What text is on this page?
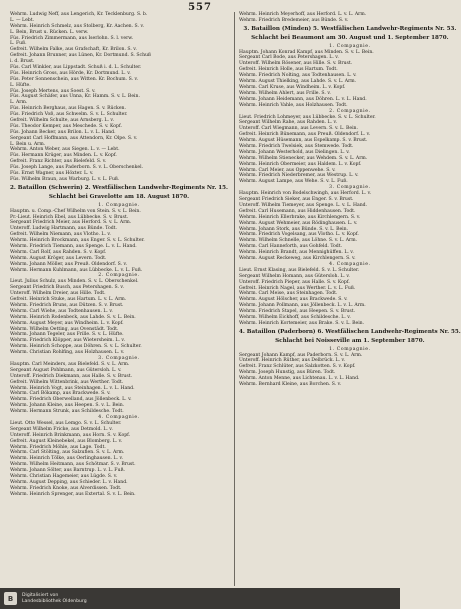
557
Wehrm. Ludwig Neff, aus Lengerich, Kr. Tecklenburg. S. b.
L. — Lebt.
Wehrm. Heinrich Schmelz, aus Stolberg, Kr. Aachen. S. v.
L. Bein, Brust u. Rücken. L. verw.
Füs. Friedrich Zimmermann, aus Iserlohn. S. l. verw.
L. Fuß.
Gefreit. Wilhelm Falke, aus Grafschaft, Kr. Brilon. S. v.
Gefreit. Johann Brunner, aus Lünen, Kr. Dortmund. S. Schuß
i. d. Brust.
Füs. Carl Winkler, aus Lippstadt. Schuß i. d. L. Schulter.
Füs. Heinrich Gross, aus Hörde, Kr. Dortmund. L. v.
Füs. Peter Sonnenschein, aus Witten. Kr. Bochum. S. v.
L. Hüfte.
Füs. Joseph Mertens, aus Soest. S. v.
Füs. August Schäfer, aus Unna, Kr. Hamm. S. v. L. Bein.
L. Arm.
Füs. Heinrich Berghaus, aus Hagen. S. v. Rücken.
Füs. Friedrich Voß, aus Schwelm. S. v. L. Schulter.
Gefreit. Wilhelm Schulte, aus Arnsberg. L. v.
Füs. Theodor Kemper, aus Meschede. S. v. Kopf.
Füs. Johann Becker, aus Brilon. L. v. L. Hand.
Sergeant Carl Hoffmann, aus Attendorn, Kr. Olpe. S. v.
L. Bein u. Arm.
Wehrm. Anton Weber, aus Siegen. L. v. — Lebt.
Füs. Hermann Krüger, aus Minden. L. v. Kopf.
Gefreit. Franz Richter, aus Bielefeld. S. v.
Füs. Joseph Lange, aus Paderborn. S. v. L. Oberschenkel.
Füs. Ernst Wagner, aus Höxter. L. v.
Füs. Wilhelm Braun, aus Warburg. L. v. L. Fuß.
2. Bataillon (Schwerin) 2. Westfälischen Landwehr-Regiments Nr. 15.
Schlacht bei Gravelotte am 18. August 1870.
1. Compagnie.
Hauptm. u. Comp.-Chef Wilhelm von Stein. S. v. L. Bein.
Pr.-Lieut. Heinrich Ebel, aus Lübbecke. S. v. Brust.
Sergeant Friedrich Meier, aus Herford. S. v. L. Arm.
Unteroff. Ludwig Hartmann, aus Bünde. Todt.
Gefreit. Wilhelm Niemann, aus Vlotho. L. v.
Wehrm. Heinrich Brockmann, aus Enger. S. v. L. Schulter.
Wehrm. Friedrich Tiemann, aus Spenge. L. v. L. Hand.
Wehrm. Carl Rolf, aus Rahden. S. v. Kopf.
Wehrm. August Kröger, aus Levern. Todt.
Wehrm. Johann Möller, aus Preuß. Oldendorf. S. v.
Wehrm. Hermann Kuhlmann, aus Lübbecke. L. v. L. Fuß.
2. Compagnie.
Lieut. Julius Schulz, aus Minden. S. v. L. Oberschenkel.
Sergeant Friedrich Busch, aus Petershagen. S. v.
Unteroff. Wilhelm Dreier, aus Hille. Todt.
Gefreit. Heinrich Stuke, aus Hartum. L. v. L. Arm.
Wehrm. Friedrich Bruns, aus Dützen. S. v. Brust.
Wehrm. Carl Wiehe, aus Todtenhausen. L. v.
Wehrm. Heinrich Rodenbeck, aus Lahde. S. v. L. Bein.
Wehrm. August Meyer, aus Windheim. L. v. Kopf.
Wehrm. Wilhelm Oetting, aus Ovenstädt. Todt.
Wehrm. Johann Tegeler, aus Frille. S. v. L. Hüfte.
Wehrm. Friedrich Klöpper, aus Wietersheim. L. v.
Wehrm. Heinrich Schoppe, aus Döhren. S. v. L. Schulter.
Wehrm. Christian Rohlfing, aus Holzhausen. L. v.
3. Compagnie.
Hauptm. Carl Meinders, aus Bielefeld. S. v. L. Arm.
Sergeant August Pohlmann, aus Gütersloh. L. v.
Unteroff. Friedrich Diekmann, aus Halle. S. v. Brust.
Gefreit. Wilhelm Wittenbrink, aus Werther. Todt.
Wehrm. Heinrich Vogt, aus Steinhagen. L. v. L. Hand.
Wehrm. Carl Bökamp, aus Brackwede. S. v.
Wehrm. Friedrich Oberwelland, aus Jöllenbeck. L. v.
Wehrm. Johann Kleine, aus Heepen. S. v. L. Bein.
Wehrm. Hermann Strunk, aus Schildesche. Todt.
4. Compagnie.
Lieut. Otto Wessel, aus Lemgo. S. v. L. Schulter.
Sergeant Wilhelm Fricke, aus Detmold. L. v.
Unteroff. Heinrich Brinkmann, aus Horn. S. v. Kopf.
Gefreit. August Kleinebekel, aus Blomberg. L. v.
Wehrm. Friedrich Möhle, aus Lage. Todt.
Wehrm. Carl Stölting, aus Salzuflen. S. v. L. Arm.
Wehrm. Heinrich Tölke, aus Oerlinghausen. L. v.
Wehrm. Wilhelm Heitmann, aus Schötmar. S. v. Brust.
Wehrm. Johann Sölter, aus Barntrup. L. v. L. Fuß.
Wehrm. Christian Hagemeier, aus Lügde. S. v.
Wehrm. August Depping, aus Schieder. L. v. Hand.
Wehrm. Friedrich Knoke, aus Alverdissen. Todt.
Wehrm. Heinrich Sprenger, aus Extertal. S. v. L. Bein.
Wehrm. Heinrich Meyerhoff, aus Herford. L. v. L. Arm.
Wehrm. Friedrich Bredemeier, aus Bünde. S. v.
3. Bataillon (Minden) 5. Westfälischen Landwehr-Regiments Nr. 53.
Schlacht bei Beaumont am 30. August und 1. September 1870.
1. Compagnie.
Hauptm. Johann Konrad Kampf, aus Minden. S. v. L. Bein.
Sergeant Carl Bode, aus Petershagen. L. v.
Unteroff. Wilhelm Rösener, aus Hille. S. v. Brust.
Gefreit. Heinrich Holle, aus Hartum. Todt.
Wehrm. Friedrich Nolting, aus Todtenhausen. L. v.
Wehrm. August Thielking, aus Lahde. S. v. L. Arm.
Wehrm. Carl Kruse, aus Windheim. L. v. Kopf.
Wehrm. Wilhelm Ahlert, aus Frille. S. v.
Wehrm. Johann Heidemann, aus Döhren. L. v. L. Hand.
Wehrm. Heinrich Vahle, aus Holzhausen. Todt.
2. Compagnie.
Lieut. Friedrich Lohmeyer, aus Lübbecke. S. v. L. Schulter.
Sergeant Wilhelm Rahe, aus Rahden. L. v.
Unteroff. Carl Wiegmann, aus Levern. S. v. L. Bein.
Gefreit. Heinrich Bünemann, aus Preuß. Oldendorf. L. v.
Wehrm. August Hüsemann, aus Espelkamp. S. v. Brust.
Wehrm. Friedrich Twelsiek, aus Stemwede. Todt.
Wehrm. Johann Westerhold, aus Dielingen. L. v.
Wehrm. Wilhelm Stienecker, aus Wehdem. S. v. L. Arm.
Wehrm. Heinrich Obermeier, aus Haldem. L. v. Kopf.
Wehrm. Carl Meier, aus Oppenwehe. S. v.
Wehrm. Friedrich Niederbremer, aus Westrup. L. v.
Wehrm. August Lampe, aus Wehe. S. v. L. Fuß.
3. Compagnie.
Hauptm. Heinrich von Bodelschwingh, aus Herford. L. v.
Sergeant Friedrich Sieker, aus Enger. S. v. Brust.
Unteroff. Wilhelm Tiemeyer, aus Spenge. L. v. L. Hand.
Gefreit. Carl Husemann, aus Hiddenhausen. Todt.
Wehrm. Heinrich Ellerbrake, aus Kirchlengern. S. v.
Wehrm. August Wehmeier, aus Rödinghausen. L. v.
Wehrm. Johann Stork, aus Bünde. S. v. L. Bein.
Wehrm. Friedrich Vogelsang, aus Vlotho. L. v. Kopf.
Wehrm. Wilhelm Schnelle, aus Löhne. S. v. L. Arm.
Wehrm. Carl Hanneforth, aus Gohfeld. Todt.
Wehrm. Heinrich Brandt, aus Mennighüffen. L. v.
Wehrm. August Reckeweg, aus Kirchlengern. S. v.
4. Compagnie.
Lieut. Ernst Klasing, aus Bielefeld. S. v. L. Schulter.
Sergeant Wilhelm Homann, aus Gütersloh. L. v.
Unteroff. Friedrich Pieper, aus Halle. S. v. Kopf.
Gefreit. Heinrich Nagel, aus Werther. L. v. L. Fuß.
Wehrm. Carl Meise, aus Steinhagen. Todt.
Wehrm. August Hölscher, aus Brackwede. S. v.
Wehrm. Johann Pollmann, aus Jöllenbeck. L. v. L. Arm.
Wehrm. Friedrich Stapel, aus Heepen. S. v. Brust.
Wehrm. Wilhelm Eickhoff, aus Schildesche. L. v.
Wehrm. Heinrich Kortemeier, aus Brake. S. v. L. Bein.
4. Bataillon (Paderborn) 6. Westfälischen Landwehr-Regiments Nr. 55.
Schlacht bei Noisseville am 1. September 1870.
1. Compagnie.
Sergeant Johann Kampf, aus Paderborn. S. v. L. Arm.
Unteroff. Heinrich Rüther, aus Delbrück. L. v.
Gefreit. Franz Schlüter, aus Salzkotten. S. v. Kopf.
Wehrm. Joseph Hunstig, aus Büren. Todt.
Wehrm. Anton Menne, aus Lichtenau. L. v. L. Hand.
Wehrm. Bernhard Kleine, aus Borchen. S. v.
B	Digitalisiert von
Landesbibliothek Oldenburg
